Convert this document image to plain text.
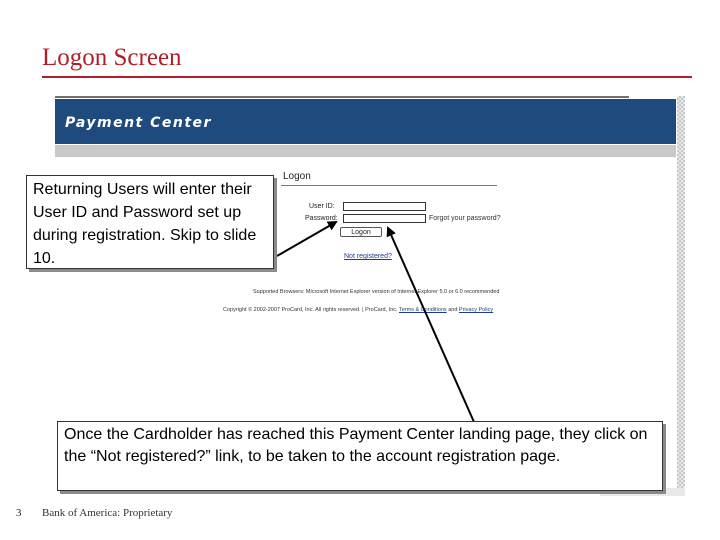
Logon Screen
Payment Center
Logon
User ID:
Password:	Forgot your password?
Logon
Not registered?
Supported Browsers: Microsoft Internet Explorer version of Internet Explorer 5.0 or 6.0 recommended
Copyright © 2002-2007 ProCard, Inc. All rights reserved. | ProCard, Inc. Terms & Conditions and Privacy Policy
Returning Users will enter their User ID and Password set up during registration. Skip to slide 10.
Once the Cardholder has reached this Payment Center landing page, they click on the “Not registered?” link, to be taken to the account registration page.
3 Bank of America: Proprietary
